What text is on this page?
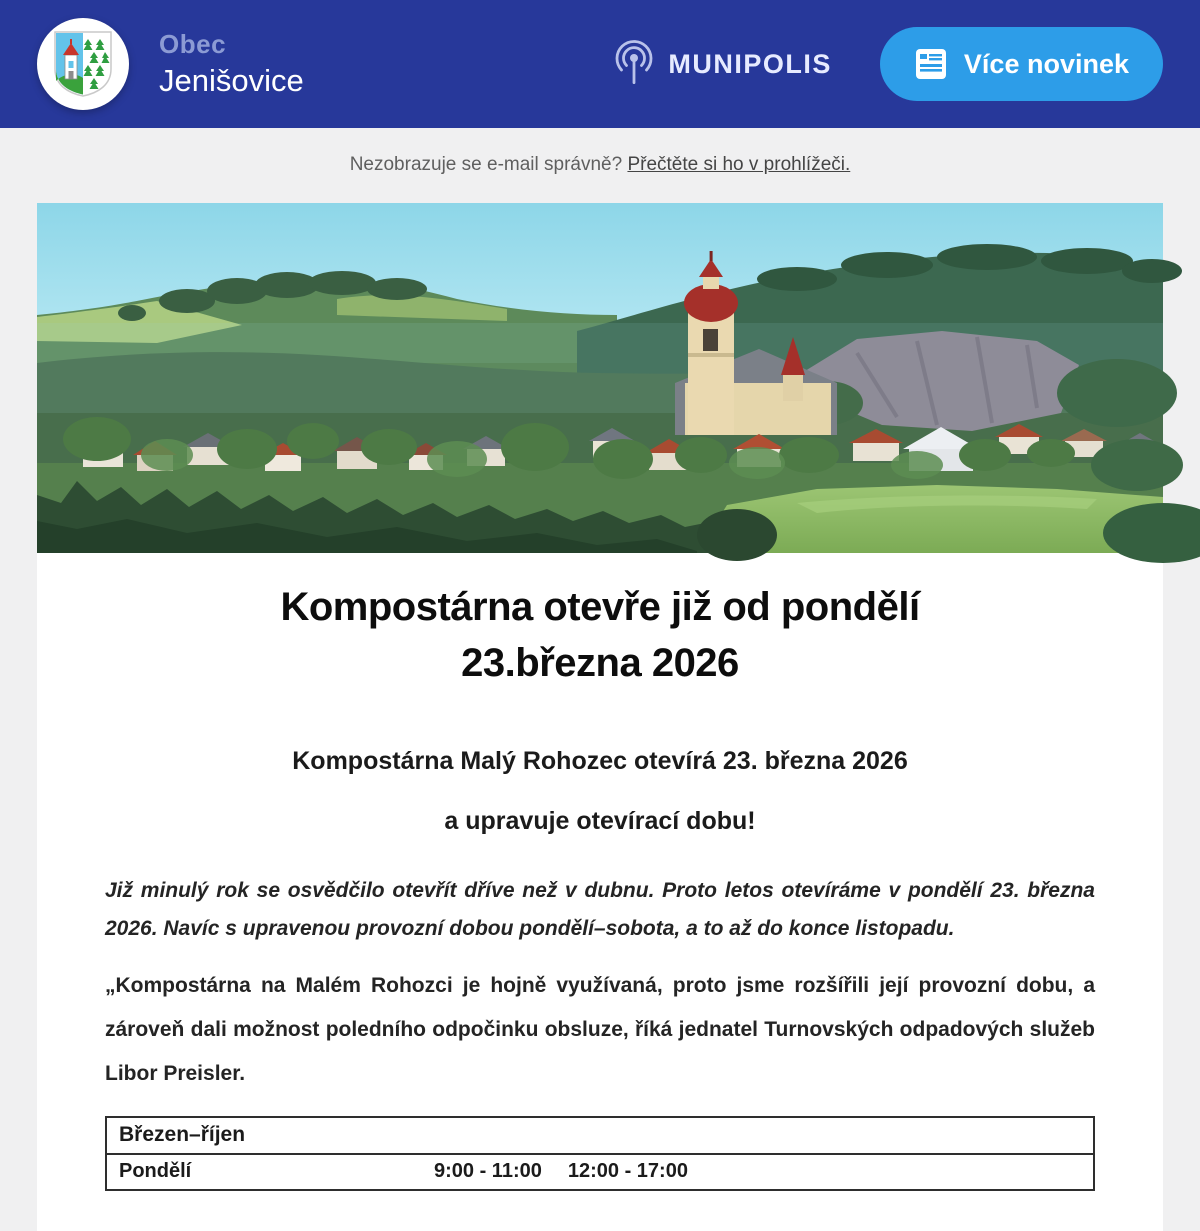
Obec
Jenišovice	MUNIPOLIS	Více novinek
Nezobrazuje se e-mail správně? Přečtěte si ho v prohlížeči.
Kompostárna otevře již od pondělí
23.března 2026
Kompostárna Malý Rohozec otevírá 23. března 2026
a upravuje otevírací dobu!

Již minulý rok se osvědčilo otevřít dříve než v dubnu. Proto letos otevíráme v pondělí 23. března 2026. Navíc s upravenou provozní dobou pondělí–sobota, a to až do konce listopadu.

„Kompostárna na Malém Rohozci je hojně využívaná, proto jsme rozšířili její provozní dobu, a zároveň dali možnost poledního odpočinku obsluze, říká jednatel Turnovských odpadových služeb Libor Preisler.

Březen–říjen
Pondělí	9:00 - 11:00 12:00 - 17:00
